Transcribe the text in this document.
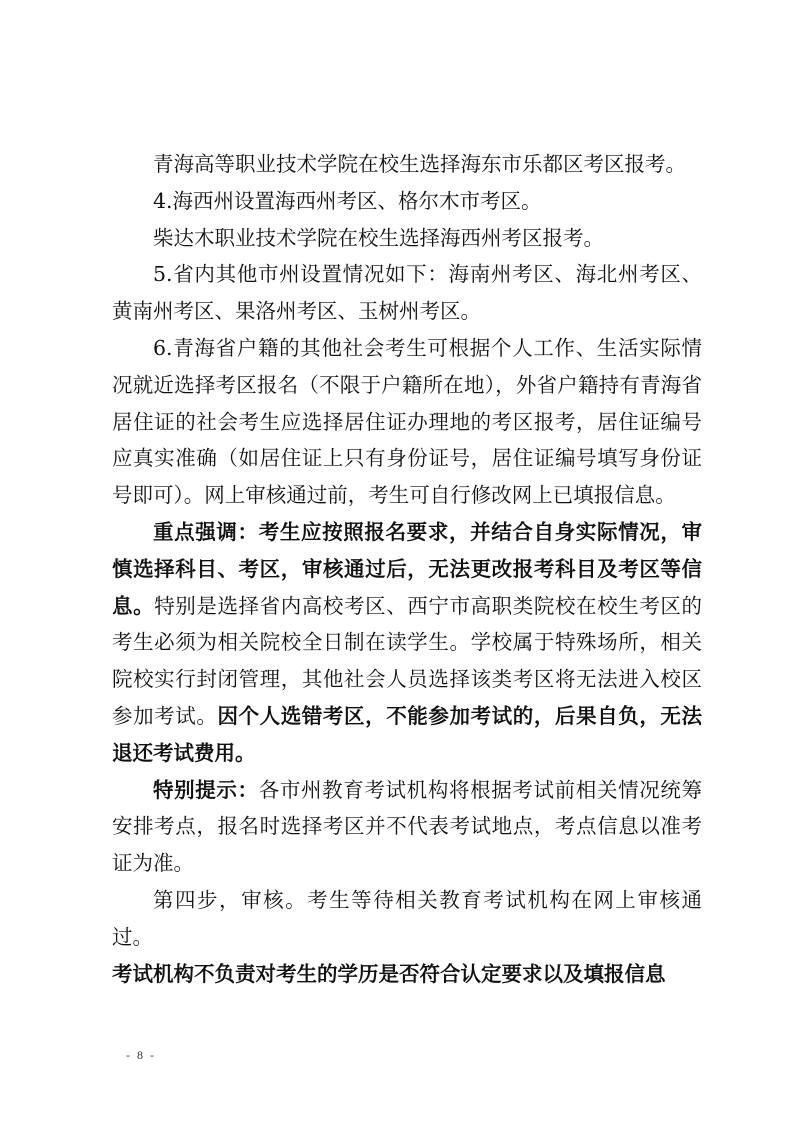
青海高等职业技术学院在校生选择海东市乐都区考区报考。

4.海西州设置海西州考区、格尔木市考区。

柴达木职业技术学院在校生选择海西州考区报考。

5.省内其他市州设置情况如下：海南州考区、海北州考区、黄南州考区、果洛州考区、玉树州考区。

6.青海省户籍的其他社会考生可根据个人工作、生活实际情况就近选择考区报名（不限于户籍所在地），外省户籍持有青海省居住证的社会考生应选择居住证办理地的考区报考，居住证编号应真实准确（如居住证上只有身份证号，居住证编号填写身份证号即可）。网上审核通过前，考生可自行修改网上已填报信息。

重点强调：考生应按照报名要求，并结合自身实际情况，审慎选择科目、考区，审核通过后，无法更改报考科目及考区等信息。特别是选择省内高校考区、西宁市高职类院校在校生考区的考生必须为相关院校全日制在读学生。学校属于特殊场所，相关院校实行封闭管理，其他社会人员选择该类考区将无法进入校区参加考试。因个人选错考区，不能参加考试的，后果自负，无法退还考试费用。

特别提示：各市州教育考试机构将根据考试前相关情况统筹安排考点，报名时选择考区并不代表考试地点，考点信息以准考证为准。

第四步，审核。考生等待相关教育考试机构在网上审核通过。

考试机构不负责对考生的学历是否符合认定要求以及填报信息

- 8 -
